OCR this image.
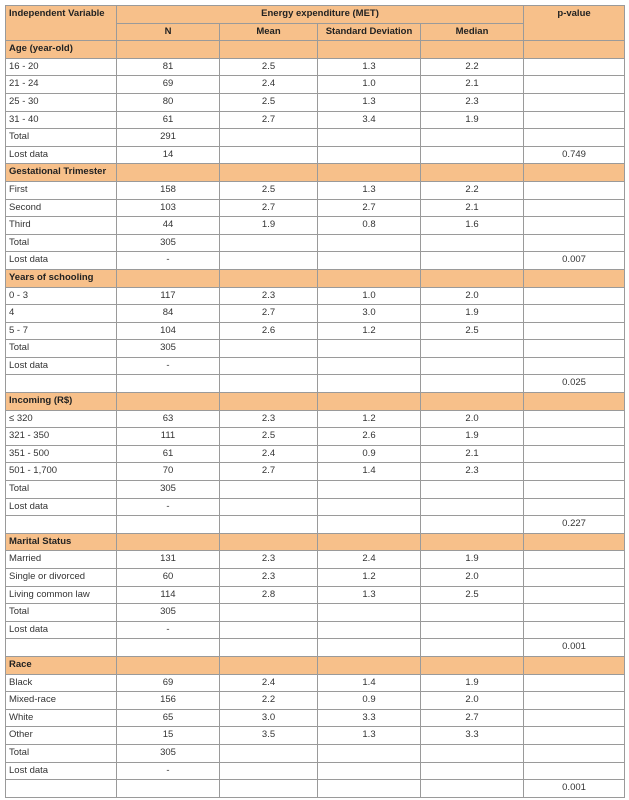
Independent Variable	Energy expenditure (MET)				p-value
	N	Mean	Standard Deviation	Median	
Age (year-old)					
16 - 20	81	2.5	1.3	2.2	
21 - 24	69	2.4	1.0	2.1	
25 - 30	80	2.5	1.3	2.3	
31 - 40	61	2.7	3.4	1.9	
Total	291				
Lost data	14				0.749
Gestational Trimester					
First	158	2.5	1.3	2.2	
Second	103	2.7	2.7	2.1	
Third	44	1.9	0.8	1.6	
Total	305				
Lost data	-				0.007
Years of schooling					
0 - 3	117	2.3	1.0	2.0	
4	84	2.7	3.0	1.9	
5 - 7	104	2.6	1.2	2.5	
Total	305				
Lost data	-				
					0.025
Incoming (R$)					
≤ 320	63	2.3	1.2	2.0	
321 - 350	111	2.5	2.6	1.9	
351 - 500	61	2.4	0.9	2.1	
501 - 1,700	70	2.7	1.4	2.3	
Total	305				
Lost data	-				
					0.227
Marital Status					
Married	131	2.3	2.4	1.9	
Single or divorced	60	2.3	1.2	2.0	
Living common law	114	2.8	1.3	2.5	
Total	305				
Lost data	-				
					0.001
Race					
Black	69	2.4	1.4	1.9	
Mixed-race	156	2.2	0.9	2.0	
White	65	3.0	3.3	2.7	
Other	15	3.5	1.3	3.3	
Total	305				
Lost data	-				
					0.001
